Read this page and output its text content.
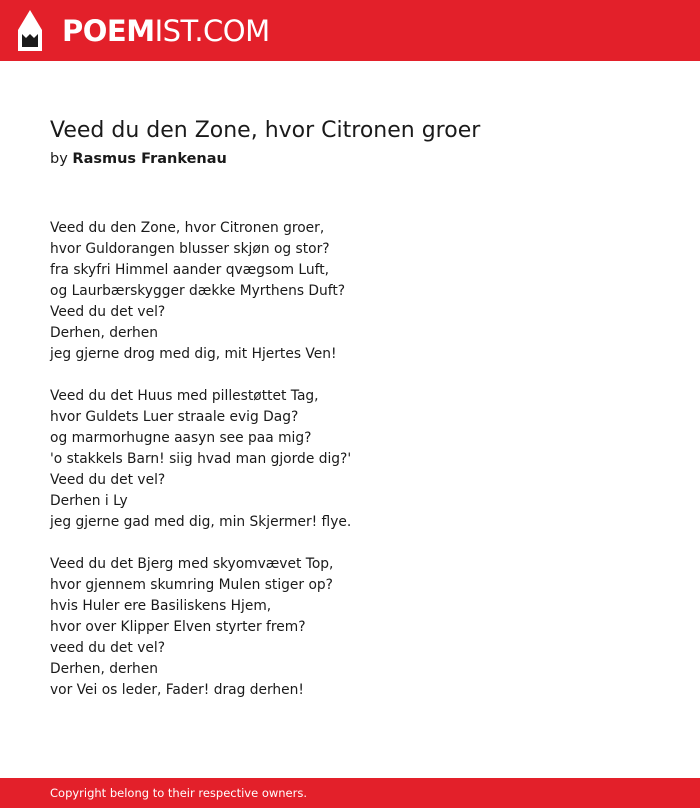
POEMIST.COM
Veed du den Zone, hvor Citronen groer
by Rasmus Frankenau
Veed du den Zone, hvor Citronen groer,
hvor Guldorangen blusser skjøn og stor?
fra skyfri Himmel aander qvægsom Luft,
og Laurbærskygger dække Myrthens Duft?
Veed du det vel?
Derhen, derhen
jeg gjerne drog med dig, mit Hjertes Ven!
Veed du det Huus med pillestøttet Tag,
hvor Guldets Luer straale evig Dag?
og marmorhugne aasyn see paa mig?
'o stakkels Barn! siig hvad man gjorde dig?'
Veed du det vel?
Derhen i Ly
jeg gjerne gad med dig, min Skjermer! flye.
Veed du det Bjerg med skyomvævet Top,
hvor gjennem skumring Mulen stiger op?
hvis Huler ere Basiliskens Hjem,
hvor over Klipper Elven styrter frem?
veed du det vel?
Derhen, derhen
vor Vei os leder, Fader! drag derhen!
Copyright belong to their respective owners.
